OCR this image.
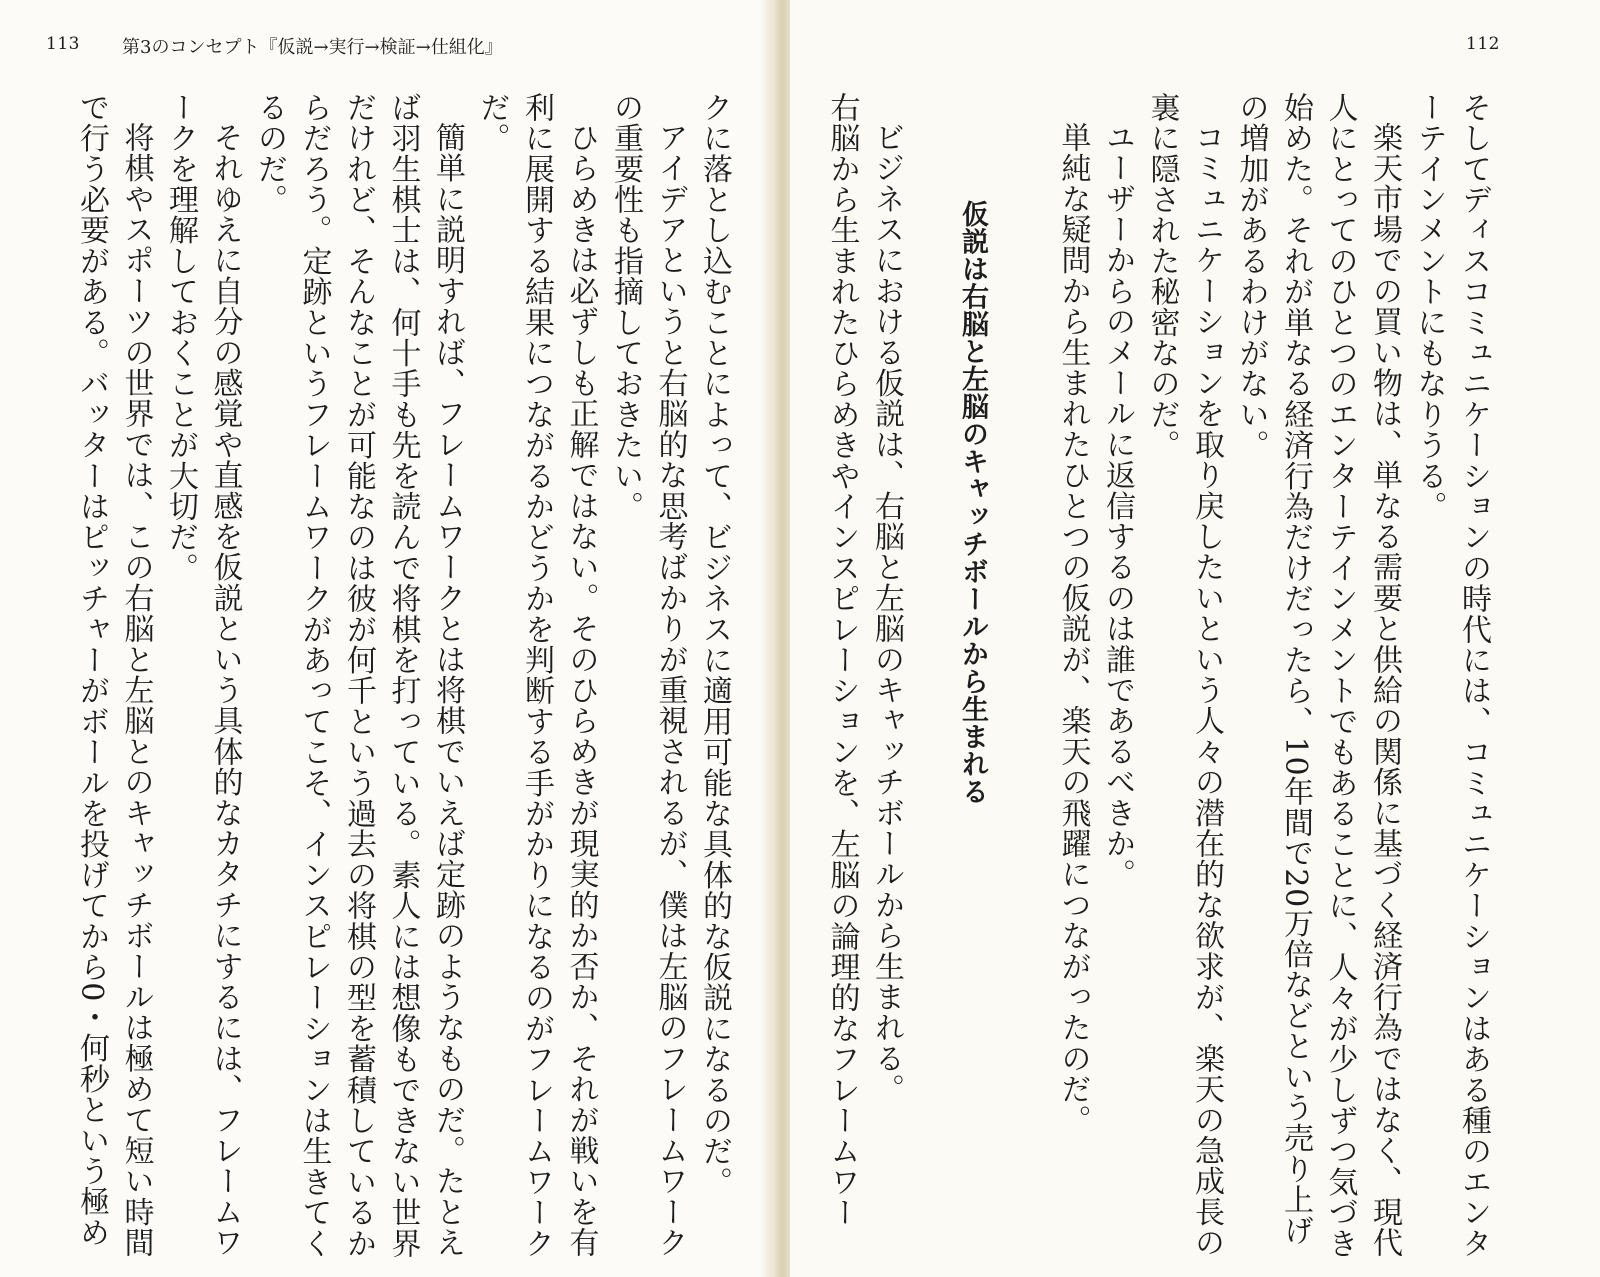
113 第3のコンセプト『仮説→実行→検証→仕組化』
クに落とし込むことによって、ビジネスに適用可能な具体的な仮説になるのだ。
アイデアというと右脳的な思考ばかりが重視されるが、僕は左脳のフレームワークの重要性も指摘しておきたい。
ひらめきは必ずしも正解ではない。そのひらめきが現実的か否か、それが戦いを有利に展開する結果につながるかどうかを判断する手がかりになるのがフレームワークだ。
簡単に説明すれば、フレームワークとは将棋でいえば定跡のようなものだ。たとえば羽生棋士は、何十手も先を読んで将棋を打っている。素人には想像もできない世界だけれど、そんなことが可能なのは彼が何千という過去の将棋の型を蓄積しているからだろう。定跡というフレームワークがあってこそ、インスピレーションは生きてくるのだ。
それゆえに自分の感覚や直感を仮説という具体的なカタチにするには、フレームワークを理解しておくことが大切だ。
将棋やスポーツの世界では、この右脳と左脳とのキャッチボールは極めて短い時間で行う必要がある。バッターはピッチャーがボールを投げてから0・何秒という極め
112
そしてディスコミュニケーションの時代には、コミュニケーションはある種のエンターテインメントにもなりうる。
楽天市場での買い物は、単なる需要と供給の関係に基づく経済行為ではなく、現代人にとってのひとつのエンターテインメントでもあることに、人々が少しずつ気づき始めた。それが単なる経済行為だけだったら、10年間で20万倍などという売り上げの増加があるわけがない。
コミュニケーションを取り戻したいという人々の潜在的な欲求が、楽天の急成長の裏に隠された秘密なのだ。
ユーザーからのメールに返信するのは誰であるべきか。
単純な疑問から生まれたひとつの仮説が、楽天の飛躍につながったのだ。
仮説は右脳と左脳のキャッチボールから生まれる
ビジネスにおける仮説は、右脳と左脳のキャッチボールから生まれる。
右脳から生まれたひらめきやインスピレーションを、左脳の論理的なフレームワー
